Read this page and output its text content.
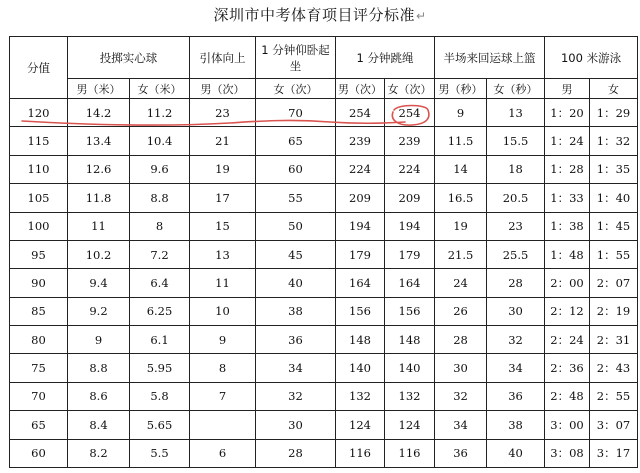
深圳市中考体育项目评分标准↵
分值	投掷实心球		引体向上	1 分钟仰卧起坐	1 分钟跳绳		半场来回运球上篮		100 米游泳	
	男（米）	女（米）	男（次）	女（次）	男（次）	女（次）	男（秒）	女（秒）	男	女
120	14.2	11.2	23	70	254	254	9	13	1：20	1：29
115	13.4	10.4	21	65	239	239	11.5	15.5	1：24	1：32
110	12.6	9.6	19	60	224	224	14	18	1：28	1：35
105	11.8	8.8	17	55	209	209	16.5	20.5	1：33	1：40
100	11	8	15	50	194	194	19	23	1：38	1：45
95	10.2	7.2	13	45	179	179	21.5	25.5	1：48	1：55
90	9.4	6.4	11	40	164	164	24	28	2：00	2：07
85	9.2	6.25	10	38	156	156	26	30	2：12	2：19
80	9	6.1	9	36	148	148	28	32	2：24	2：31
75	8.8	5.95	8	34	140	140	30	34	2：36	2：43
70	8.6	5.8	7	32	132	132	32	36	2：48	2：55
65	8.4	5.65		30	124	124	34	38	3：00	3：07
60	8.2	5.5	6	28	116	116	36	40	3：08	3：17
